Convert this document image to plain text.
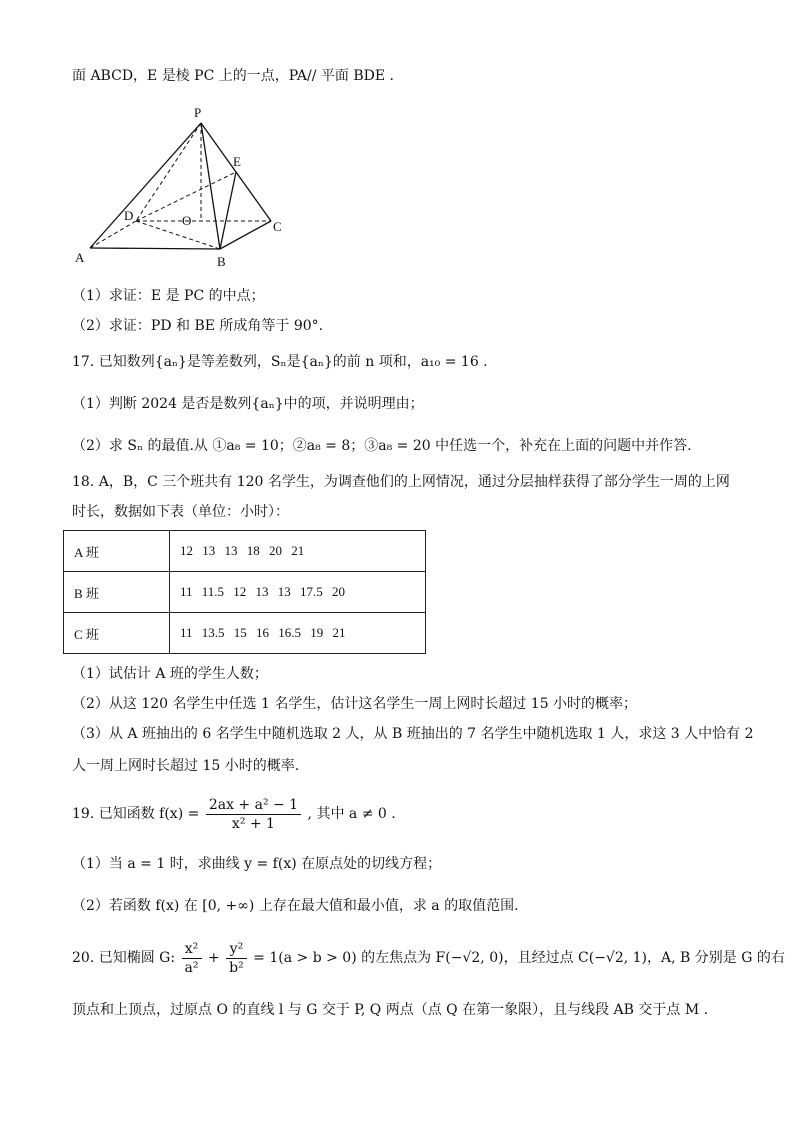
面 ABCD，E 是棱 PC 上的一点，PA// 平面 BDE .
P
E
D	O	C
A	B
（1）求证：E 是 PC 的中点；
（2）求证：PD 和 BE 所成角等于 90°.
17. 已知数列{aₙ}是等差数列，Sₙ是{aₙ}的前 n 项和，a₁₀ = 16 .
（1）判断 2024 是否是数列{aₙ}中的项，并说明理由；
（2）求 Sₙ 的最值.从 ①a₈ = 10；②a₈ = 8；③a₈ = 20 中任选一个，补充在上面的问题中并作答.
18. A，B，C 三个班共有 120 名学生，为调查他们的上网情况，通过分层抽样获得了部分学生一周的上网
时长，数据如下表（单位：小时）：
A 班	12 13 13 18 20 21
B 班	11 11.5 12 13 13 17.5 20
C 班	11 13.5 15 16 16.5 19 21
（1）试估计 A 班的学生人数；
（2）从这 120 名学生中任选 1 名学生，估计这名学生一周上网时长超过 15 小时的概率；
（3）从 A 班抽出的 6 名学生中随机选取 2 人，从 B 班抽出的 7 名学生中随机选取 1 人，求这 3 人中恰有 2
人一周上网时长超过 15 小时的概率.
19. 已知函数 $f(x) = \frac{\text{2ax + a² − 1}}{\text{x² + 1}}$ , 其中 a ≠ 0 .
（1）当 a = 1 时，求曲线 y = f(x) 在原点处的切线方程；
（2）若函数 f(x) 在 [0, +∞) 上存在最大值和最小值，求 a 的取值范围.
20. 已知椭圆 G: $\frac{\text{x²}}{\text{a²}} + \frac{\text{y²}}{\text{b²}} = 1(a > b > 0)$ 的左焦点为 F(−√2, 0)，且经过点 C(−√2, 1)，A, B 分别是 G 的右
顶点和上顶点，过原点 O 的直线 l 与 G 交于 P, Q 两点（点 Q 在第一象限），且与线段 AB 交于点 M .
